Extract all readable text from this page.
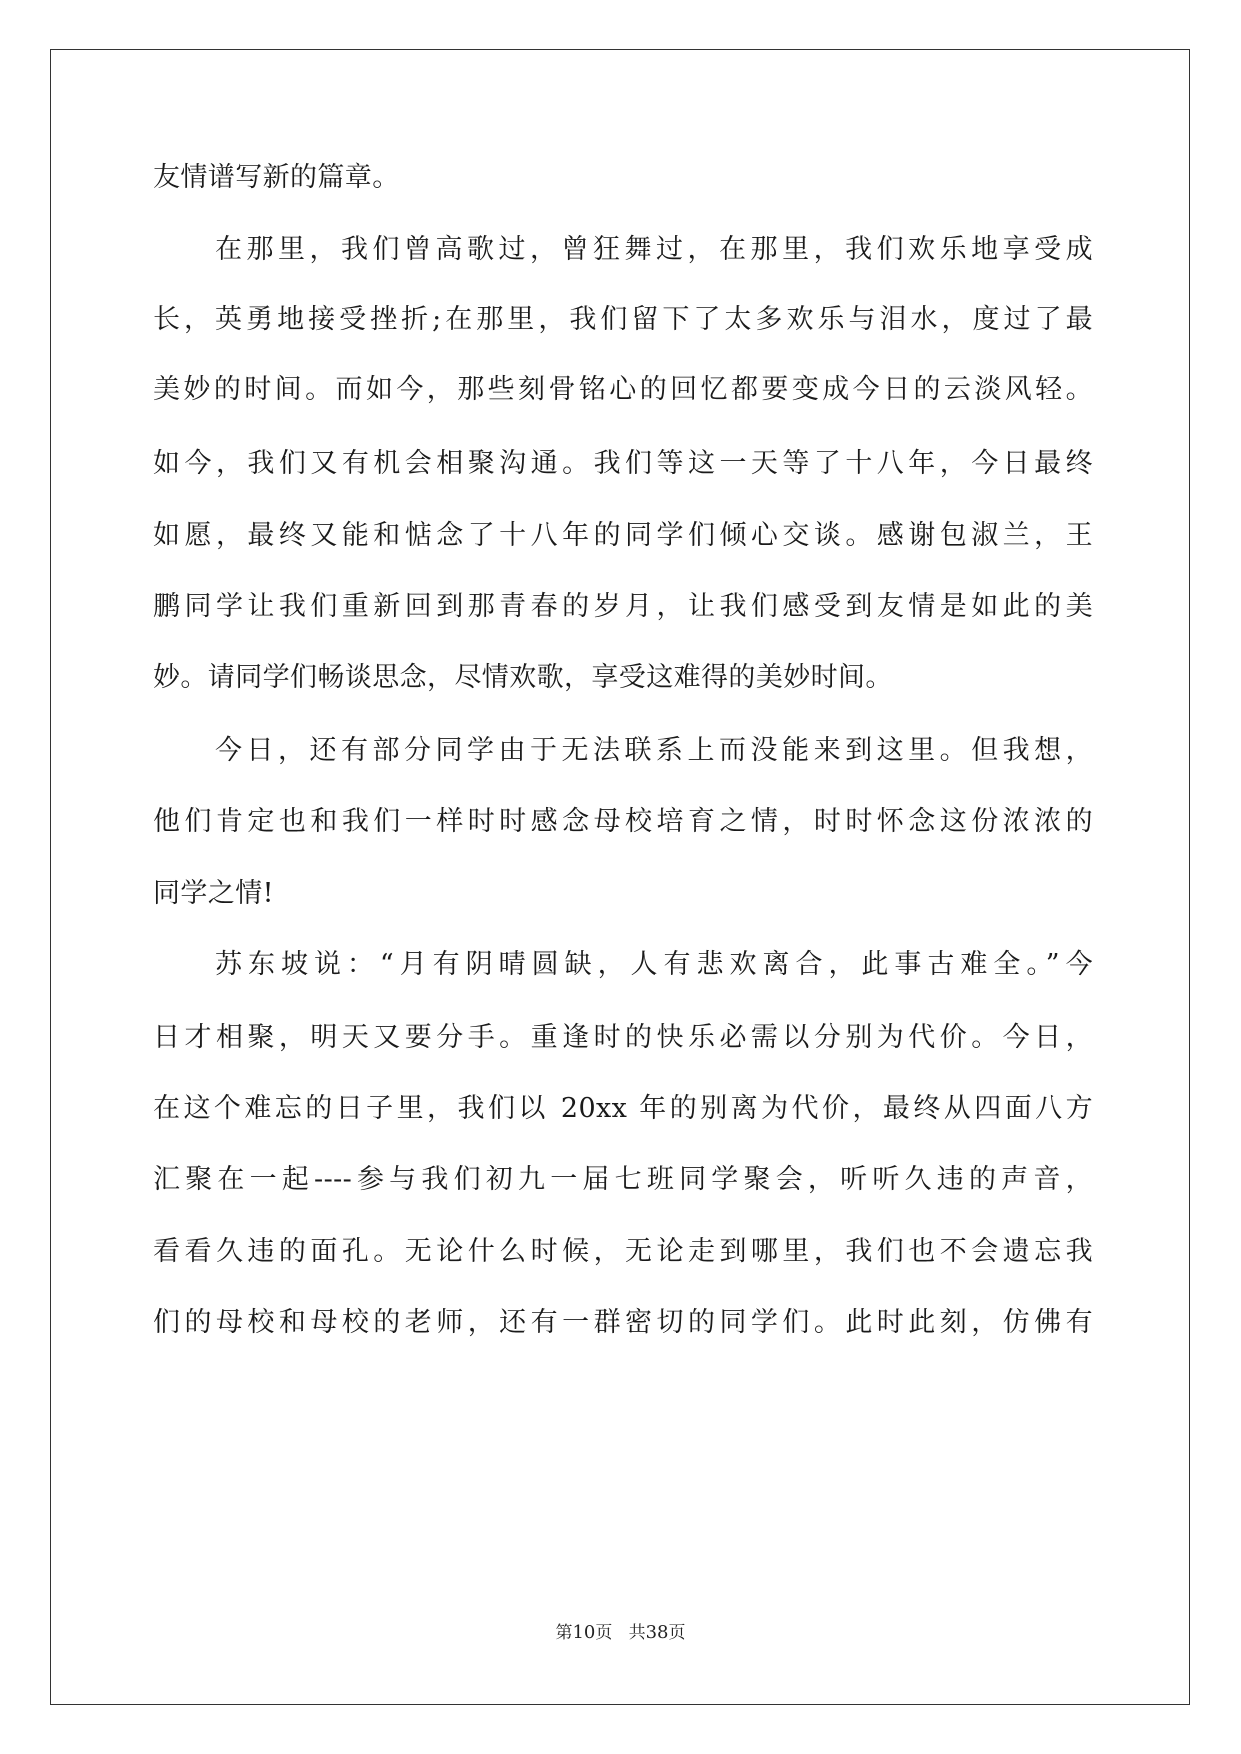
友情谱写新的篇章。
在那里，我们曾高歌过，曾狂舞过，在那里，我们欢乐地享受成
长，英勇地接受挫折;在那里，我们留下了太多欢乐与泪水，度过了最
美妙的时间。而如今，那些刻骨铭心的回忆都要变成今日的云淡风轻。
如今，我们又有机会相聚沟通。我们等这一天等了十八年，今日最终
如愿，最终又能和惦念了十八年的同学们倾心交谈。感谢包淑兰，王
鹏同学让我们重新回到那青春的岁月，让我们感受到友情是如此的美
妙。请同学们畅谈思念，尽情欢歌，享受这难得的美妙时间。
今日，还有部分同学由于无法联系上而没能来到这里。但我想，
他们肯定也和我们一样时时感念母校培育之情，时时怀念这份浓浓的
同学之情!
苏东坡说：“月有阴晴圆缺，人有悲欢离合，此事古难全。”今
日才相聚，明天又要分手。重逢时的快乐必需以分别为代价。今日，
在这个难忘的日子里，我们以 20xx 年的别离为代价，最终从四面八方
汇聚在一起----参与我们初九一届七班同学聚会，听听久违的声音，
看看久违的面孔。无论什么时候，无论走到哪里，我们也不会遗忘我
们的母校和母校的老师，还有一群密切的同学们。此时此刻，仿佛有
第10页   共38页
